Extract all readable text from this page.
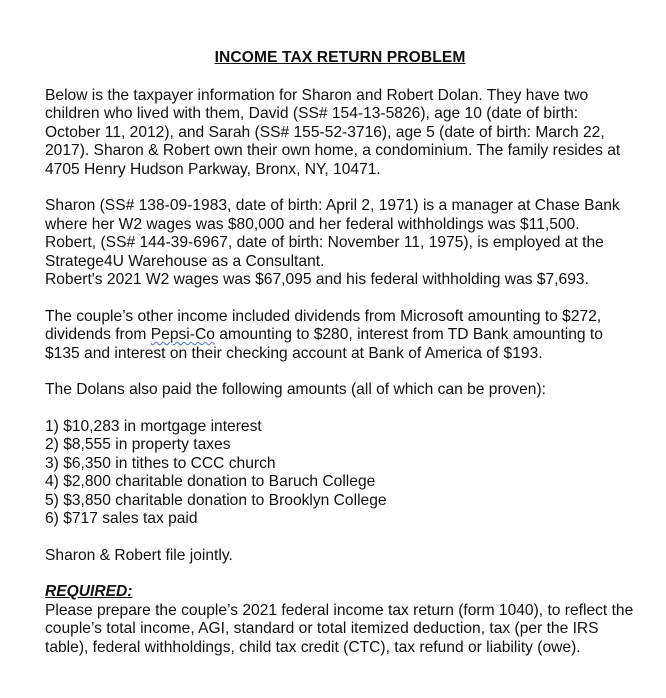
INCOME TAX RETURN PROBLEM

Below is the taxpayer information for Sharon and Robert Dolan. They have two children who lived with them, David (SS# 154-13-5826), age 10 (date of birth: October 11, 2012), and Sarah (SS# 155-52-3716), age 5 (date of birth: March 22, 2017). Sharon & Robert own their own home, a condominium. The family resides at 4705 Henry Hudson Parkway, Bronx, NY, 10471.

Sharon (SS# 138-09-1983, date of birth: April 2, 1971) is a manager at Chase Bank where her W2 wages was $80,000 and her federal withholdings was $11,500. Robert, (SS# 144-39-6967, date of birth: November 11, 1975), is employed at the Stratege4U Warehouse as a Consultant.

Robert's 2021 W2 wages was $67,095 and his federal withholding was $7,693.

The couple’s other income included dividends from Microsoft amounting to $272, dividends from Pepsi-Co amounting to $280, interest from TD Bank amounting to $135 and interest on their checking account at Bank of America of $193.

The Dolans also paid the following amounts (all of which can be proven):

1) $10,283 in mortgage interest
2) $8,555 in property taxes
3) $6,350 in tithes to CCC church
4) $2,800 charitable donation to Baruch College
5) $3,850 charitable donation to Brooklyn College
6) $717 sales tax paid

Sharon & Robert file jointly.

REQUIRED:

Please prepare the couple’s 2021 federal income tax return (form 1040), to reflect the couple’s total income, AGI, standard or total itemized deduction, tax (per the IRS table), federal withholdings, child tax credit (CTC), tax refund or liability (owe).
